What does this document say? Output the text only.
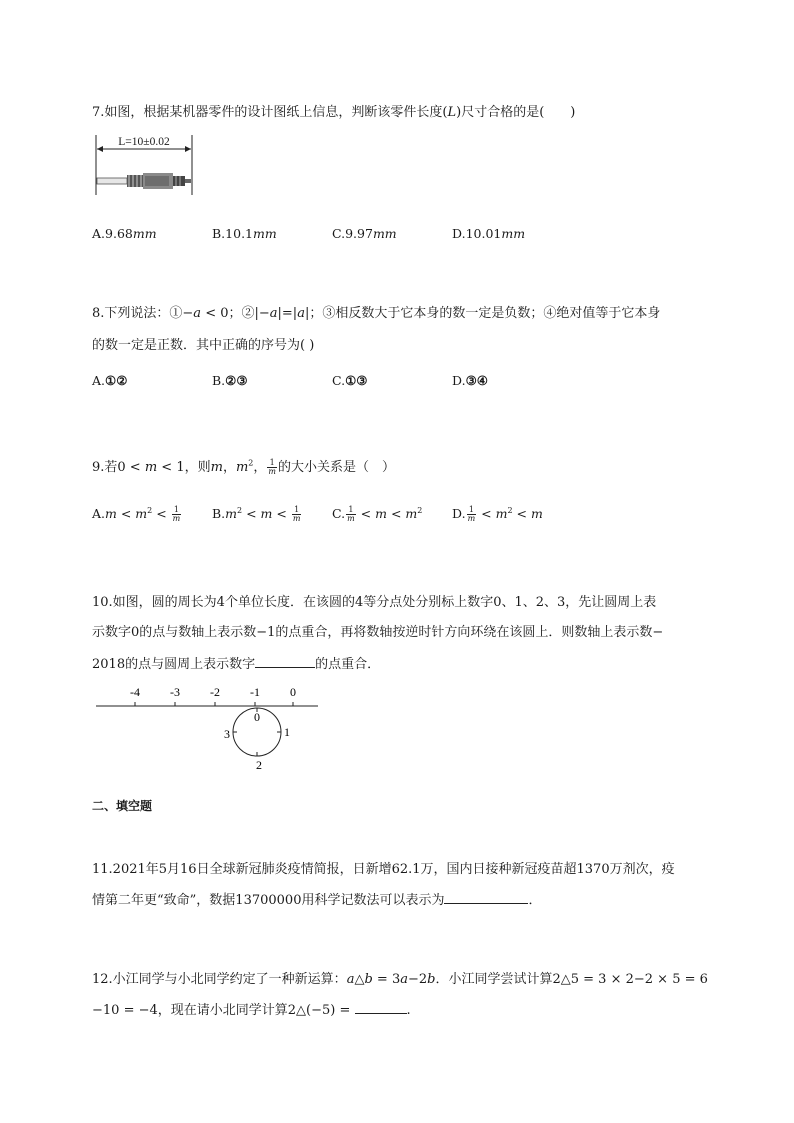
7.如图，根据某机器零件的设计图纸上信息，判断该零件长度(L)尺寸合格的是(　　)
L=10±0.02
A.9.68mm	B.10.1mm	C.9.97mm	D.10.01mm
8.下列说法：①−a < 0；②|−a|=|a|；③相反数大于它本身的数一定是负数；④绝对值等于它本身
的数一定是正数．其中正确的序号为( )
A.①②	B.②③	C.①③	D.③④
9.若0 < m < 1，则m，$m^2$， $\frac{1}{m}$ 的大小关系是（　）
$A.m < m^2 < \frac{1}{m} B.m^2 < m < \frac{1}{m} C$. $\frac{1}{m} < m < m^2$ D. $\frac{1}{m} < m^2 < m$
10.如图，圆的周长为4个单位长度．在该圆的4等分点处分别标上数字0、1、2、3，先让圆周上表
示数字0的点与数轴上表示数−1的点重合，再将数轴按逆时针方向环绕在该圆上．则数轴上表示数−
2018的点与圆周上表示数字	的点重合．
-4	-3	-2	-1	0
0
1
2
3
二、填空题
11.2021年5月16日全球新冠肺炎疫情简报，日新增62.1万，国内日接种新冠疫苗超1370万剂次，疫
情第二年更“致命”，数据13700000用科学记数法可以表示为	．
12.小江同学与小北同学约定了一种新运算：a△b = 3a−2b．小江同学尝试计算2△5 = 3 × 2−2 × 5 = 6
−10 = −4，现在请小北同学计算2△(−5) =	.
